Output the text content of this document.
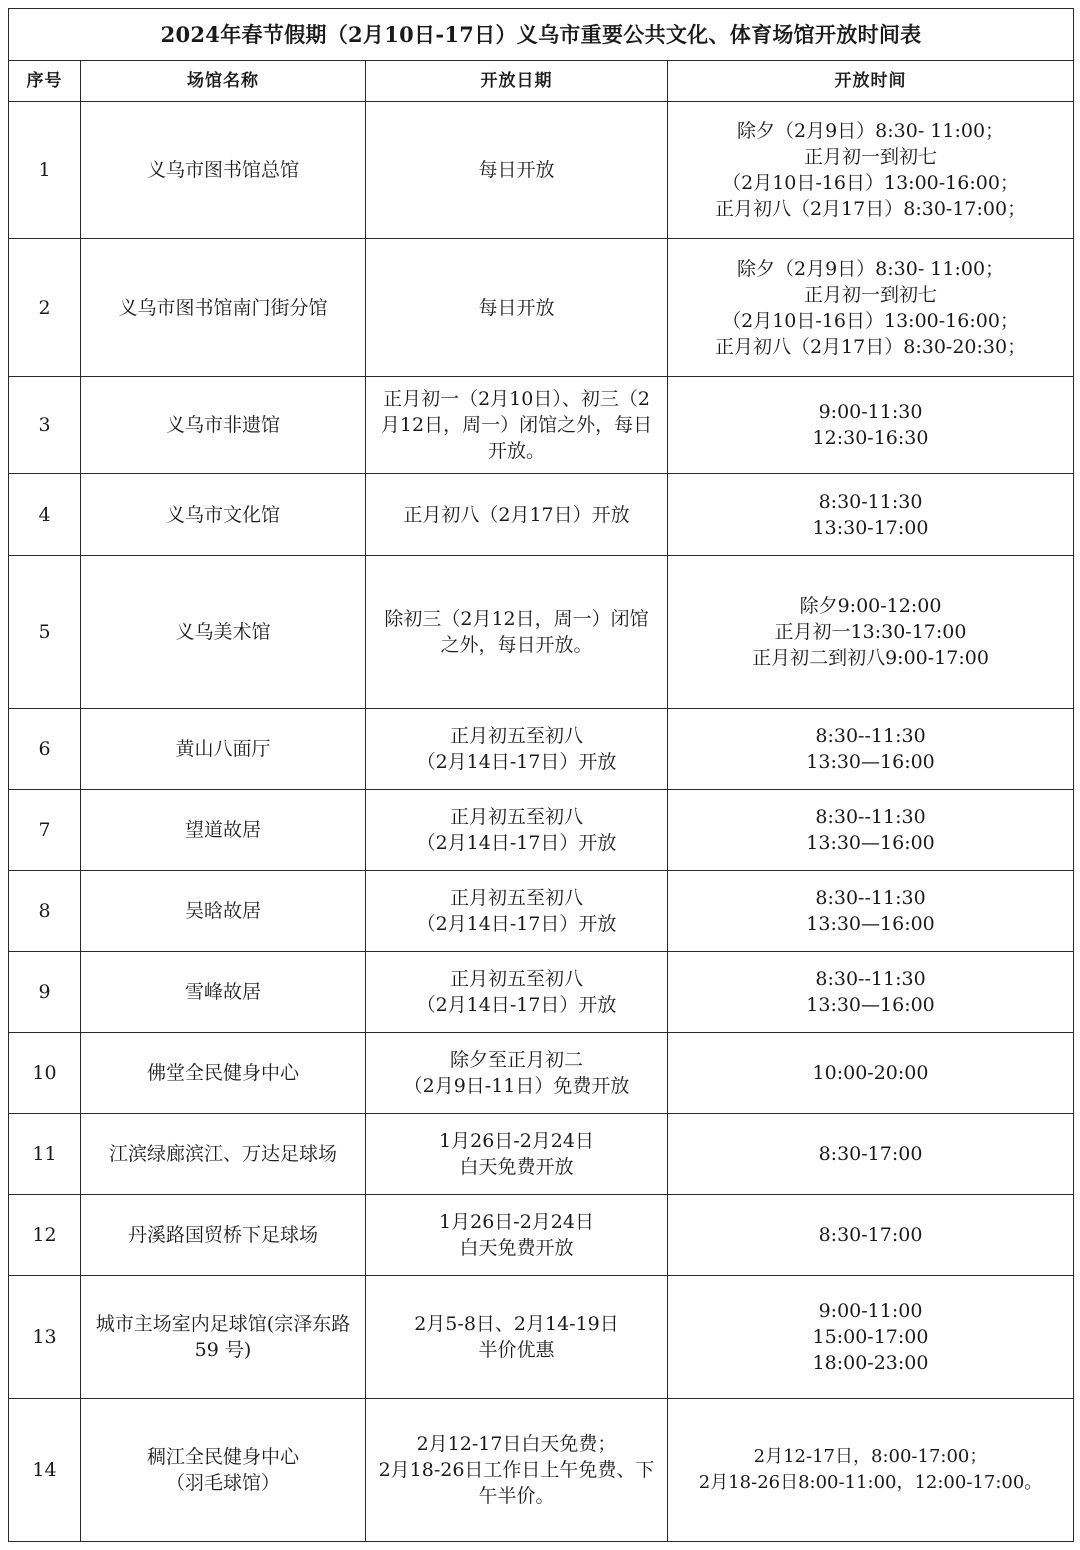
2024年春节假期（2月10日-17日）义乌市重要公共文化、体育场馆开放时间表			
序号	场馆名称	开放日期	开放时间
1	义乌市图书馆总馆	每日开放	除夕（2月9日）8:30- 11:00；
正月初一到初七
（2月10日-16日）13:00-16:00；
正月初八（2月17日）8:30-17:00；

2	义乌市图书馆南门街分馆	每日开放	除夕（2月9日）8:30- 11:00；
正月初一到初七
（2月10日-16日）13:00-16:00；
正月初八（2月17日）8:30-20:30；

3	义乌市非遗馆	正月初一（2月10日）、初三（2
月12日，周一）闭馆之外，每日
开放。	9:00-11:30
12:30-16:30

4	义乌市文化馆	正月初八（2月17日）开放	8:30-11:30
13:30-17:00

5	义乌美术馆	除初三（2月12日，周一）闭馆
之外，每日开放。	除夕9:00-12:00
正月初一13:30-17:00
正月初二到初八9:00-17:00

6	黄山八面厅	正月初五至初八
（2月14日-17日）开放	8:30--11:30
13:30—16:00

7	望道故居	正月初五至初八
（2月14日-17日）开放	8:30--11:30
13:30—16:00

8	吴晗故居	正月初五至初八
（2月14日-17日）开放	8:30--11:30
13:30—16:00

9	雪峰故居	正月初五至初八
（2月14日-17日）开放	8:30--11:30
13:30—16:00

10	佛堂全民健身中心	除夕至正月初二
（2月9日-11日）免费开放	10:00-20:00

11	江滨绿廊滨江、万达足球场	1月26日-2月24日
白天免费开放	8:30-17:00

12	丹溪路国贸桥下足球场	1月26日-2月24日
白天免费开放	8:30-17:00

13	城市主场室内足球馆(宗泽东路
59 号)	2月5-8日、2月14-19日
半价优惠	9:00-11:00
15:00-17:00
18:00-23:00

14	稠江全民健身中心
（羽毛球馆）	2月12-17日白天免费；
2月18-26日工作日上午免费、下
午半价。	2月12-17日，8:00-17:00；
2月18-26日8:00-11:00，12:00-17:00。
